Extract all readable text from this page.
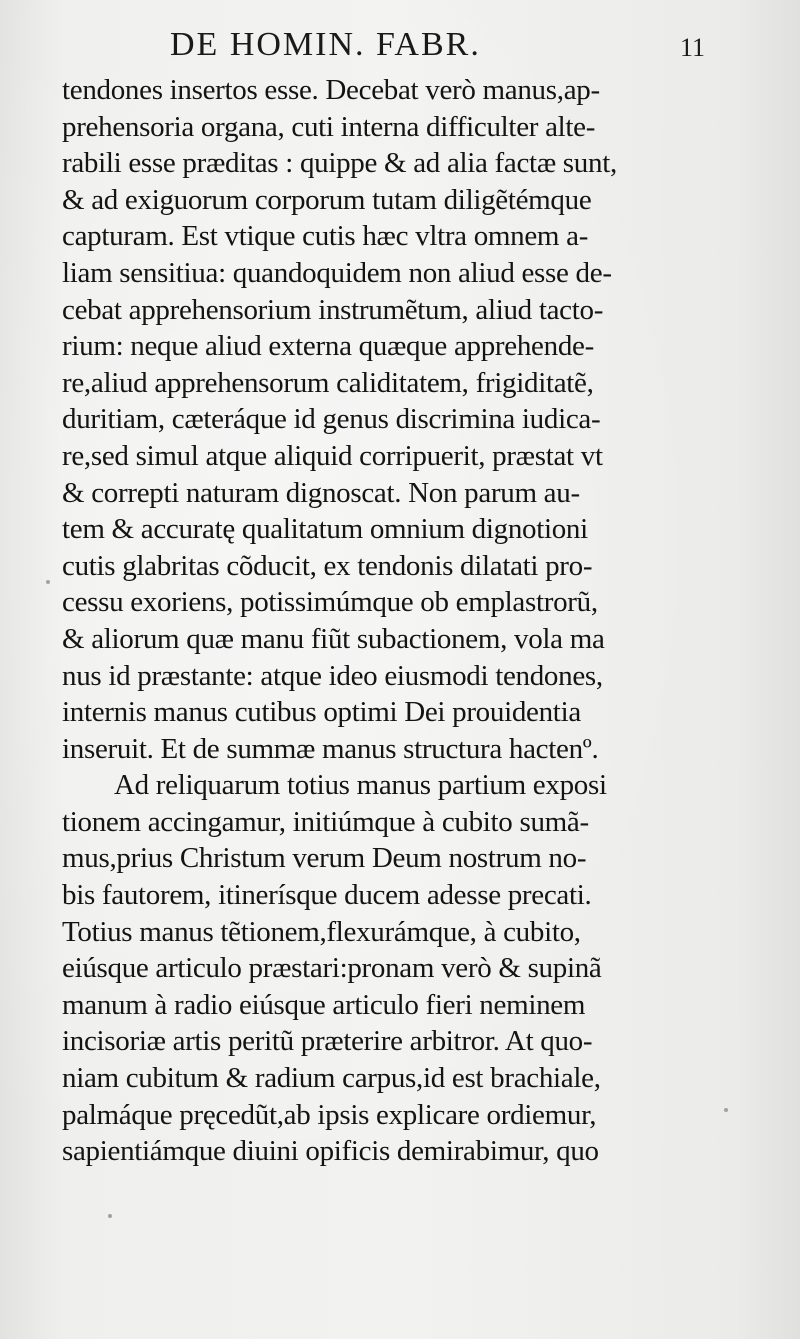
DE HOMIN. FABR.	11
tendones insertos esse. Decebat verò manus,ap-
prehensoria organa, cuti interna difficulter alte-
rabili esse præditas : quippe & ad alia factæ sunt,
& ad exiguorum corporum tutam diligẽtémque
capturam. Est vtique cutis hæc vltra omnem a-
liam sensitiua: quandoquidem non aliud esse de-
cebat apprehensorium instrumẽtum, aliud tacto-
rium: neque aliud externa quæque apprehende-
re,aliud apprehensorum caliditatem, frigiditatẽ,
duritiam, cæteráque id genus discrimina iudica-
re,sed simul atque aliquid corripuerit, præstat vt
& correpti naturam dignoscat. Non parum au-
tem & accuratę qualitatum omnium dignotioni
cutis glabritas cõducit, ex tendonis dilatati pro-
cessu exoriens, potissimúmque ob emplastrorũ,
& aliorum quæ manu fiũt subactionem, vola ma
nus id præstante: atque ideo eiusmodi tendones,
internis manus cutibus optimi Dei prouidentia
inseruit. Et de summæ manus structura hactenº.
Ad reliquarum totius manus partium exposi
tionem accingamur, initiúmque à cubito sumã-
mus,prius Christum verum Deum nostrum no-
bis fautorem, itinerísque ducem adesse precati.
Totius manus tẽtionem,flexurámque, à cubito,
eiúsque articulo præstari:pronam verò & supinã
manum à radio eiúsque articulo fieri neminem
incisoriæ artis peritũ præterire arbitror. At quo-
niam cubitum & radium carpus,id est brachiale,
palmáque pręcedũt,ab ipsis explicare ordiemur,
sapientiámque diuini opificis demirabimur, quo
